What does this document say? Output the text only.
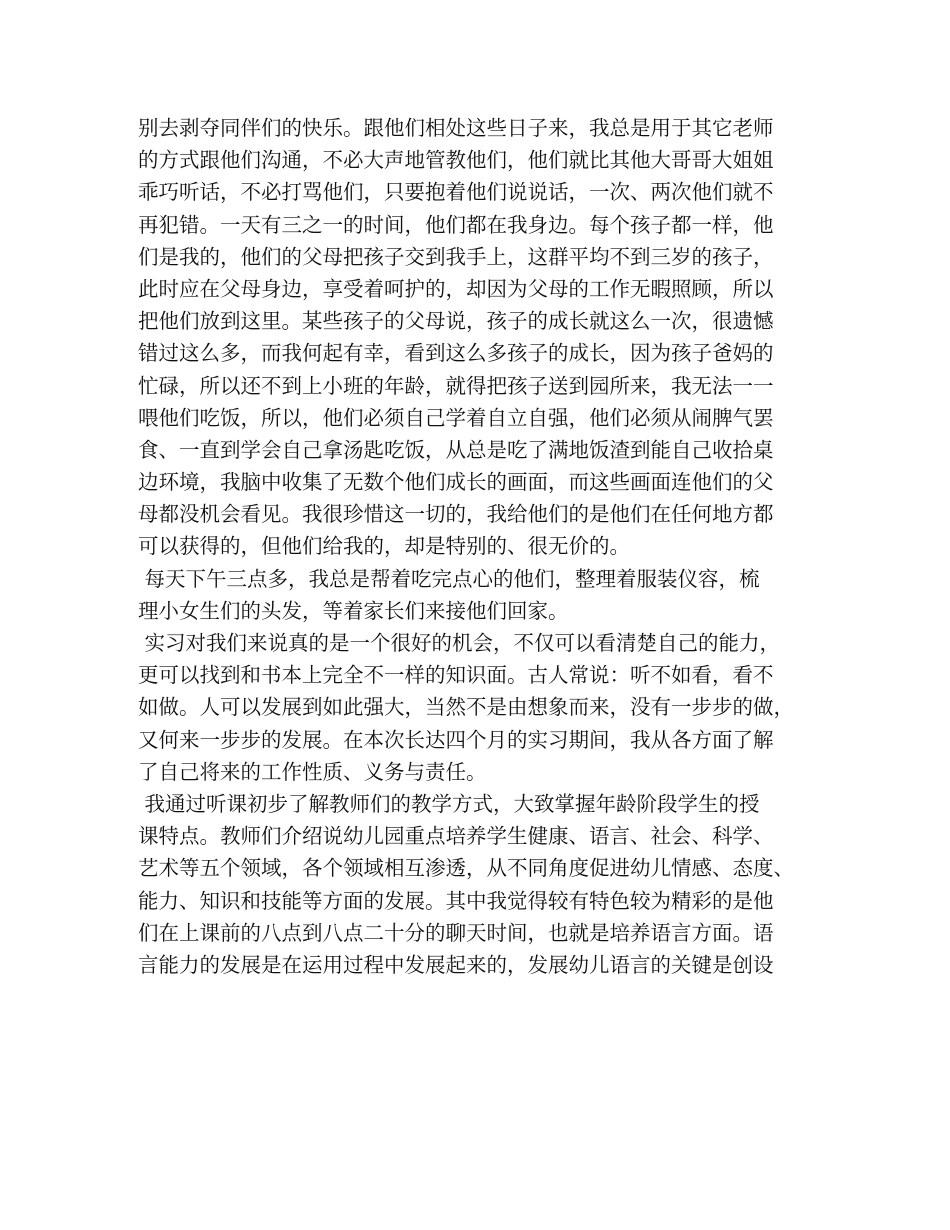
别去剥夺同伴们的快乐。跟他们相处这些日子来，我总是用于其它老师
的方式跟他们沟通，不必大声地管教他们，他们就比其他大哥哥大姐姐
乖巧听话，不必打骂他们，只要抱着他们说说话，一次、两次他们就不
再犯错。一天有三之一的时间，他们都在我身边。每个孩子都一样，他
们是我的，他们的父母把孩子交到我手上，这群平均不到三岁的孩子，
此时应在父母身边，享受着呵护的，却因为父母的工作无暇照顾，所以
把他们放到这里。某些孩子的父母说，孩子的成长就这么一次，很遗憾
错过这么多，而我何起有幸，看到这么多孩子的成长，因为孩子爸妈的
忙碌，所以还不到上小班的年龄，就得把孩子送到园所来，我无法一一
喂他们吃饭，所以，他们必须自己学着自立自强，他们必须从闹脾气罢
食、一直到学会自己拿汤匙吃饭，从总是吃了满地饭渣到能自己收拾桌
边环境，我脑中收集了无数个他们成长的画面，而这些画面连他们的父
母都没机会看见。我很珍惜这一切的，我给他们的是他们在任何地方都
可以获得的，但他们给我的，却是特别的、很无价的。
每天下午三点多，我总是帮着吃完点心的他们，整理着服装仪容，梳
理小女生们的头发，等着家长们来接他们回家。
实习对我们来说真的是一个很好的机会，不仅可以看清楚自己的能力，
更可以找到和书本上完全不一样的知识面。古人常说：听不如看，看不
如做。人可以发展到如此强大，当然不是由想象而来，没有一步步的做，
又何来一步步的发展。在本次长达四个月的实习期间，我从各方面了解
了自己将来的工作性质、义务与责任。
我通过听课初步了解教师们的教学方式，大致掌握年龄阶段学生的授
课特点。教师们介绍说幼儿园重点培养学生健康、语言、社会、科学、
艺术等五个领域，各个领域相互渗透，从不同角度促进幼儿情感、态度、
能力、知识和技能等方面的发展。其中我觉得较有特色较为精彩的是他
们在上课前的八点到八点二十分的聊天时间，也就是培养语言方面。语
言能力的发展是在运用过程中发展起来的，发展幼儿语言的关键是创设
